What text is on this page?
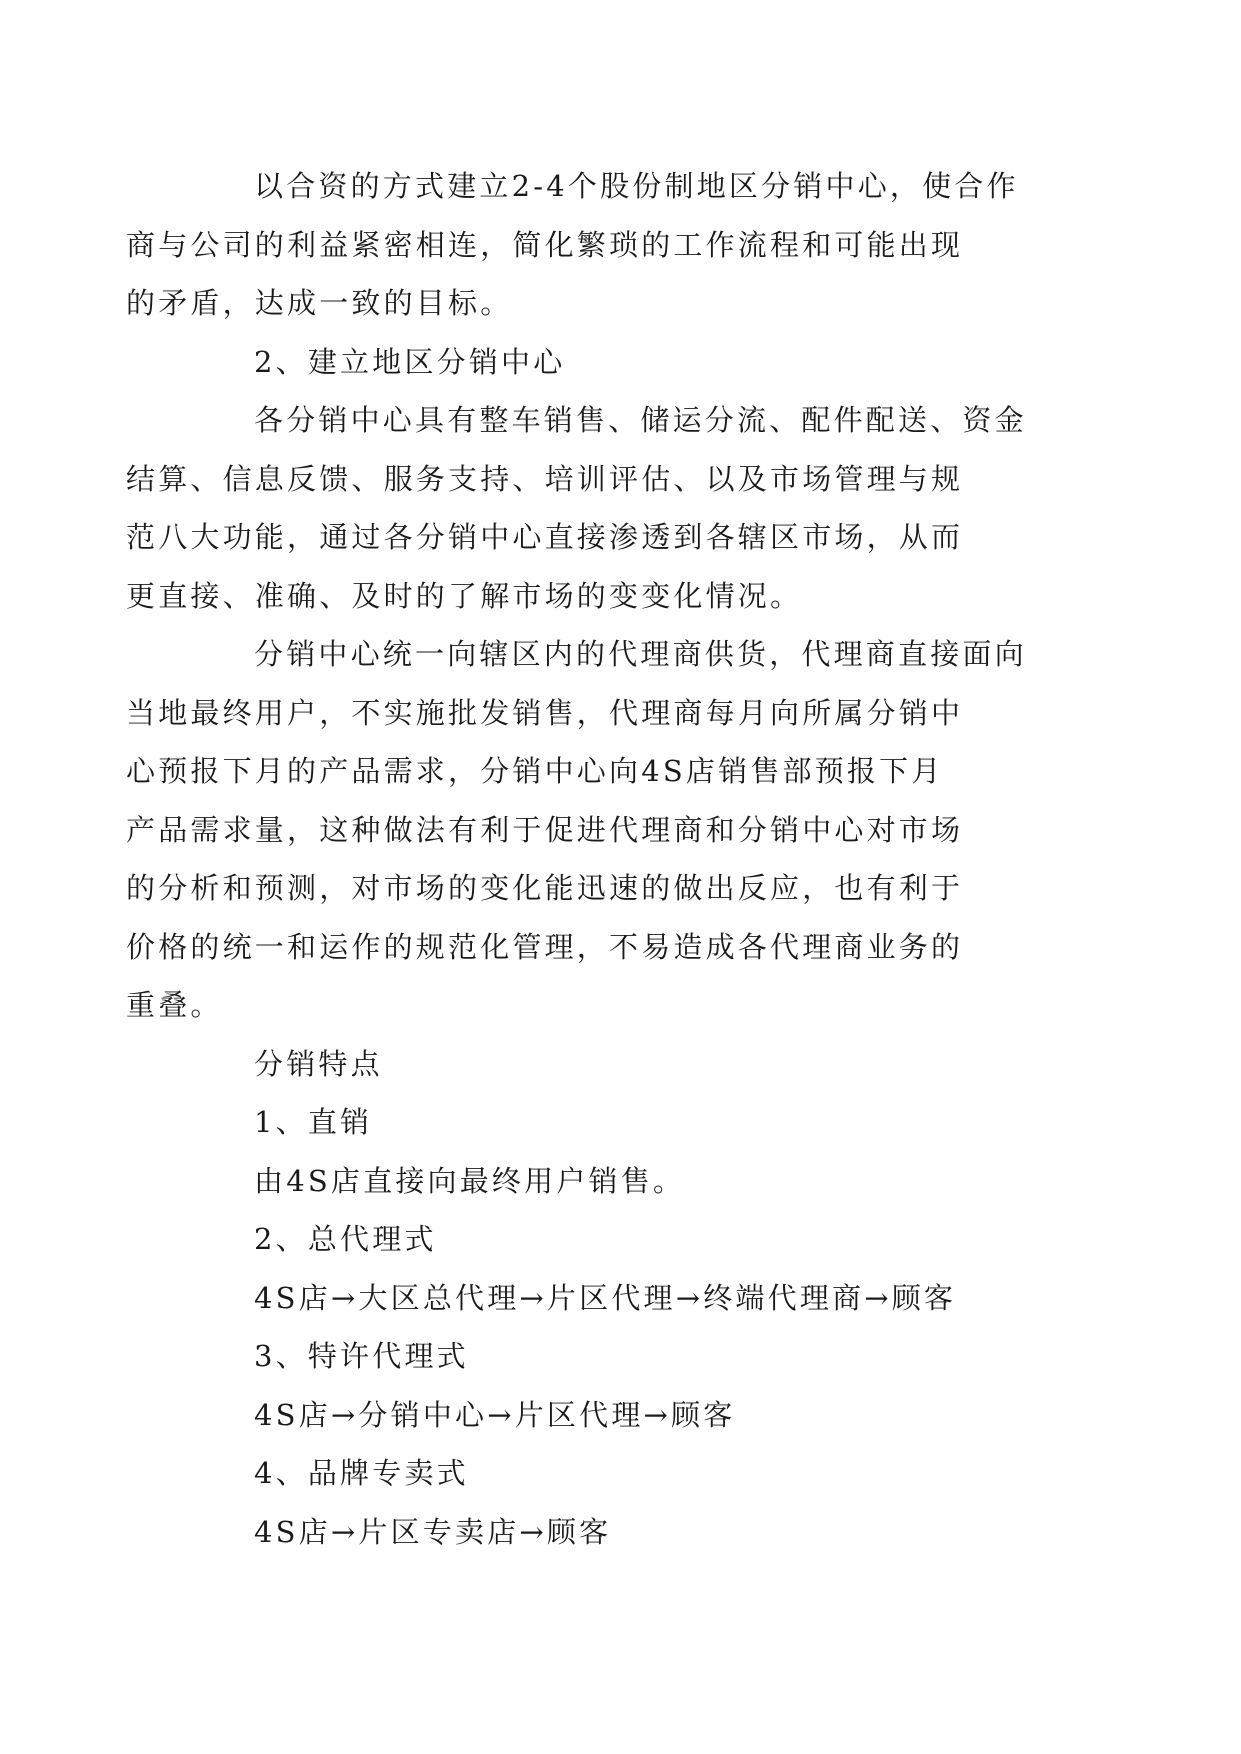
以合资的方式建立2-4个股份制地区分销中心，使合作
商与公司的利益紧密相连，简化繁琐的工作流程和可能出现
的矛盾，达成一致的目标。

2、建立地区分销中心

各分销中心具有整车销售、储运分流、配件配送、资金
结算、信息反馈、服务支持、培训评估、以及市场管理与规
范八大功能，通过各分销中心直接渗透到各辖区市场，从而
更直接、准确、及时的了解市场的变变化情况。

分销中心统一向辖区内的代理商供货，代理商直接面向
当地最终用户，不实施批发销售，代理商每月向所属分销中
心预报下月的产品需求，分销中心向4S店销售部预报下月
产品需求量，这种做法有利于促进代理商和分销中心对市场
的分析和预测，对市场的变化能迅速的做出反应，也有利于
价格的统一和运作的规范化管理，不易造成各代理商业务的
重叠。

分销特点

1、直销

由4S店直接向最终用户销售。

2、总代理式

4S店→大区总代理→片区代理→终端代理商→顾客

3、特许代理式

4S店→分销中心→片区代理→顾客

4、品牌专卖式

4S店→片区专卖店→顾客
